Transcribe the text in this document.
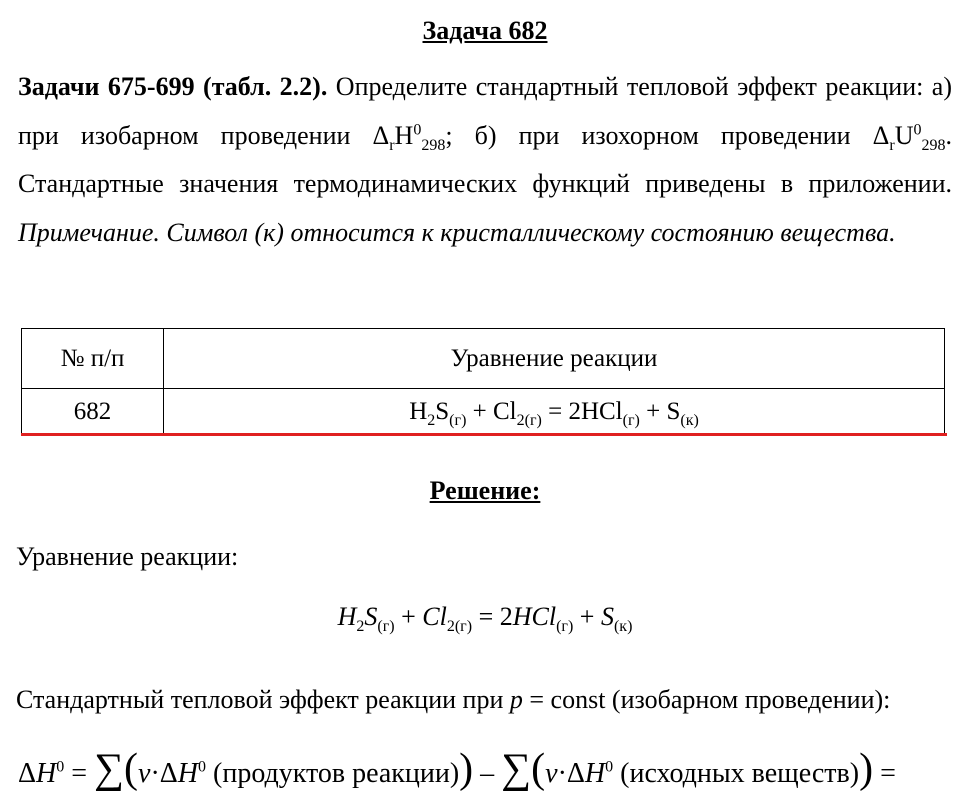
Задача 682
Задачи 675-699 (табл. 2.2). Определите стандартный тепловой эффект реакции: а) при изобарном проведении $\Delta_rH^0_{298}$; б) при изохорном проведении $\Delta_rU^0_{298}$. Стандартные значения термодинамических функций приведены в приложении. Примечание. Символ (к) относится к кристаллическому состоянию вещества.
№ п/п	Уравнение реакции
682	$H_2S_{(г)} + Cl_{2(г)} = 2HCl_{(г)} + S_{(к)}$
Решение:
Уравнение реакции:
$H_2S_{(г)} + Cl_{2(г)} = 2HCl_{(г)} + S_{(к)}$
Стандартный тепловой эффект реакции при p = const (изобарном проведении):
$\Delta H^0 = \sum(\nu\cdot\Delta H^0$ (продуктов реакции)) – $\sum(\nu\cdot\Delta H^0$ (исходных веществ)) =
